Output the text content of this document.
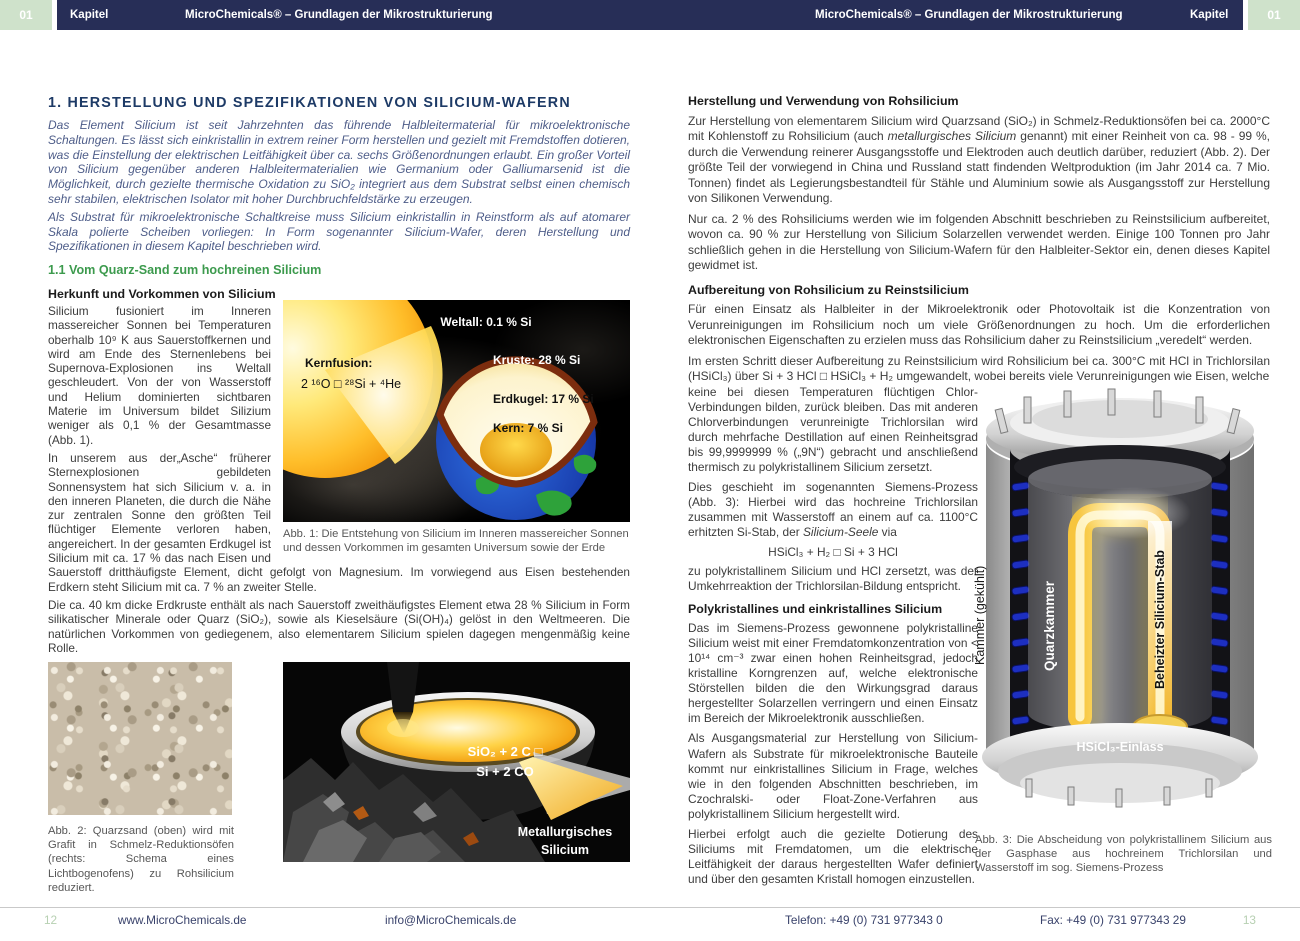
01	Kapitel	MicroChemicals® – Grundlagen der Mikrostrukturierung	MicroChemicals® – Grundlagen der Mikrostrukturierung	Kapitel	01
1. HERSTELLUNG UND SPEZIFIKATIONEN VON SILICIUM-WAFERN

Das Element Silicium ist seit Jahrzehnten das führende Halbleitermaterial für mikroelektronische Schaltungen. Es lässt sich einkristallin in extrem reiner Form herstellen und gezielt mit Fremdstoffen dotieren, was die Einstellung der elektrischen Leitfähigkeit über ca. sechs Größenordnungen erlaubt. Ein großer Vorteil von Silicium gegenüber anderen Halbleitermaterialien wie Germanium oder Galliumarsenid ist die Möglichkeit, durch gezielte thermische Oxidation zu SiO₂ integriert aus dem Substrat selbst einen chemisch sehr stabilen, elektrischen Isolator mit hoher Durchbruchfeldstärke zu erzeugen.

Als Substrat für mikroelektronische Schaltkreise muss Silicium einkristallin in Reinstform als auf atomarer Skala polierte Scheiben vorliegen: In Form sogenannter Silicium-Wafer, deren Herstellung und Spezifikationen in diesem Kapitel beschrieben wird.

1.1 Vom Quarz-Sand zum hochreinen Silicium
Herkunft und Vorkommen von Silicium
Weltall: 0.1 % Si
Kernfusion:
2 ¹⁶O □ ²⁸Si + ⁴He
Kruste: 28 % Si
Erdkugel: 17 % Si
Kern: 7 % Si
Abb. 1: Die Entstehung von Silicium im Inneren massereicher Sonnen und dessen Vorkommen im gesamten Universum sowie der Erde

Silicium fusioniert im Inneren massereicher Sonnen bei Temperaturen oberhalb 10⁹ K aus Sauerstoffkernen und wird am Ende des Sternenlebens bei Supernova-Explosionen ins Weltall geschleudert. Von der von Wasserstoff und Helium dominierten sichtbaren Materie im Universum bildet Silizium weniger als 0,1 % der Gesamtmasse (Abb. 1).

In unserem aus der„Asche“ früherer Sternexplosionen gebildeten Sonnensystem hat sich Silicium v. a. in den inneren Planeten, die durch die Nähe zur zentralen Sonne den größten Teil flüchtiger Elemente verloren haben, angereichert. In der gesamten Erdkugel ist Silicium mit ca. 17 % das nach Eisen und Sauerstoff dritthäufigste Element, dicht gefolgt von Magnesium. Im vorwiegend aus Eisen bestehenden Erdkern steht Silicium mit ca. 7 % an zweiter Stelle.

Die ca. 40 km dicke Erdkruste enthält als nach Sauerstoff zweithäufigstes Element etwa 28 % Silicium in Form silikatischer Minerale oder Quarz (SiO₂), sowie als Kieselsäure (Si(OH)₄) gelöst in den Weltmeeren. Die natürlichen Vorkommen von gediegenem, also elementarem Silicium spielen dagegen mengenmäßig keine Rolle.

Abb. 2: Quarzsand (oben) wird mit Grafit in Schmelz-Reduktionsöfen (rechts: Schema eines Lichtbogenofens) zu Rohsilicium reduziert.
SiO₂ + 2 C □
Si + 2 CO
Metallurgisches
Silicium
Herstellung und Verwendung von Rohsilicium

Zur Herstellung von elementarem Silicium wird Quarzsand (SiO₂) in Schmelz-Reduktionsöfen bei ca. 2000°C mit Kohlenstoff zu Rohsilicium (auch metallurgisches Silicium genannt) mit einer Reinheit von ca. 98 - 99 %, durch die Verwendung reinerer Ausgangsstoffe und Elektroden auch deutlich darüber, reduziert (Abb. 2). Der größte Teil der vorwiegend in China und Russland statt findenden Weltproduktion (im Jahr 2014 ca. 7 Mio. Tonnen) findet als Legierungsbestandteil für Stähle und Aluminium sowie als Ausgangsstoff zur Herstellung von Silikonen Verwendung.

Nur ca. 2 % des Rohsiliciums werden wie im folgenden Abschnitt beschrieben zu Reinstsilicium aufbereitet, wovon ca. 90 % zur Herstellung von Silicium Solarzellen verwendet werden. Einige 100 Tonnen pro Jahr schließlich gehen in die Herstellung von Silicium-Wafern für den Halbleiter-Sektor ein, denen dieses Kapitel gewidmet ist.

Aufbereitung von Rohsilicium zu Reinstsilicium

Für einen Einsatz als Halbleiter in der Mikroelektronik oder Photovoltaik ist die Konzentration von Verunreinigungen im Rohsilicium noch um viele Größenordnungen zu hoch. Um die erforderlichen elektronischen Eigenschaften zu erzielen muss das Rohsilicium daher zu Reinstsilicium „veredelt“ werden.

Im ersten Schritt dieser Aufbereitung zu Reinstsilicium wird Rohsilicium bei ca. 300°C mit HCl in Trichlorsilan (HSiCl₃) über Si + 3 HCl □ HSiCl₃ + H₂ umgewandelt, wobei bereits viele Verunreinigungen wie Eisen, welche

keine bei diesen Temperaturen flüchtigen Chlor-Verbindungen bilden, zurück bleiben. Das mit anderen Chlorverbindungen verunreinigte Trichlorsilan wird durch mehrfache Destillation auf einen Reinheitsgrad bis 99,9999999 % („9N“) gebracht und anschließend thermisch zu polykristallinem Silicium zersetzt.

Dies geschieht im sogenannten Siemens-Prozess (Abb. 3): Hierbei wird das hochreine Trichlorsilan zusammen mit Wasserstoff an einem auf ca. 1100°C erhitzten Si-Stab, der Silicium-Seele via

HSiCl₃ + H₂ □ Si + 3 HCl

zu polykristallinem Silicium und HCl zersetzt, was der Umkehrreaktion der Trichlorsilan-Bildung entspricht.

Polykristallines und einkristallines Silicium

Das im Siemens-Prozess gewonnene polykristalline Silicium weist mit einer Fremdatomkonzentration von < 10¹⁴ cm⁻³ zwar einen hohen Reinheitsgrad, jedoch kristalline Korngrenzen auf, welche elektronische Störstellen bilden die den Wirkungsgrad daraus hergestellter Solarzellen verringern und einen Einsatz im Bereich der Mikroelektronik ausschließen.

Als Ausgangsmaterial zur Herstellung von Silicium-Wafern als Substrate für mikroelektronische Bauteile kommt nur einkristallines Silicium in Frage, welches wie in den folgenden Abschnitten beschrieben, im Czochralski- oder Float-Zone-Verfahren aus polykristallinem Silicium hergestellt wird.

Hierbei erfolgt auch die gezielte Dotierung des Siliciums mit Fremdatomen, um die elektrische Leitfähigkeit der daraus hergestellten Wafer definiert und über den gesamten Kristall homogen einzustellen.

Kammer (gekühlt)	Quarzkammer	Beheizter Silicium-Stab
HSiCl₃-Einlass
Abb. 3: Die Abscheidung von polykristallinem Silicium aus der Gasphase aus hochreinem Trichlorsilan und Wasserstoff im sog. Siemens-Prozess
12	www.MicroChemicals.de	info@MicroChemicals.de	Telefon: +49 (0) 731 977343 0	Fax: +49 (0) 731 977343 29	13
